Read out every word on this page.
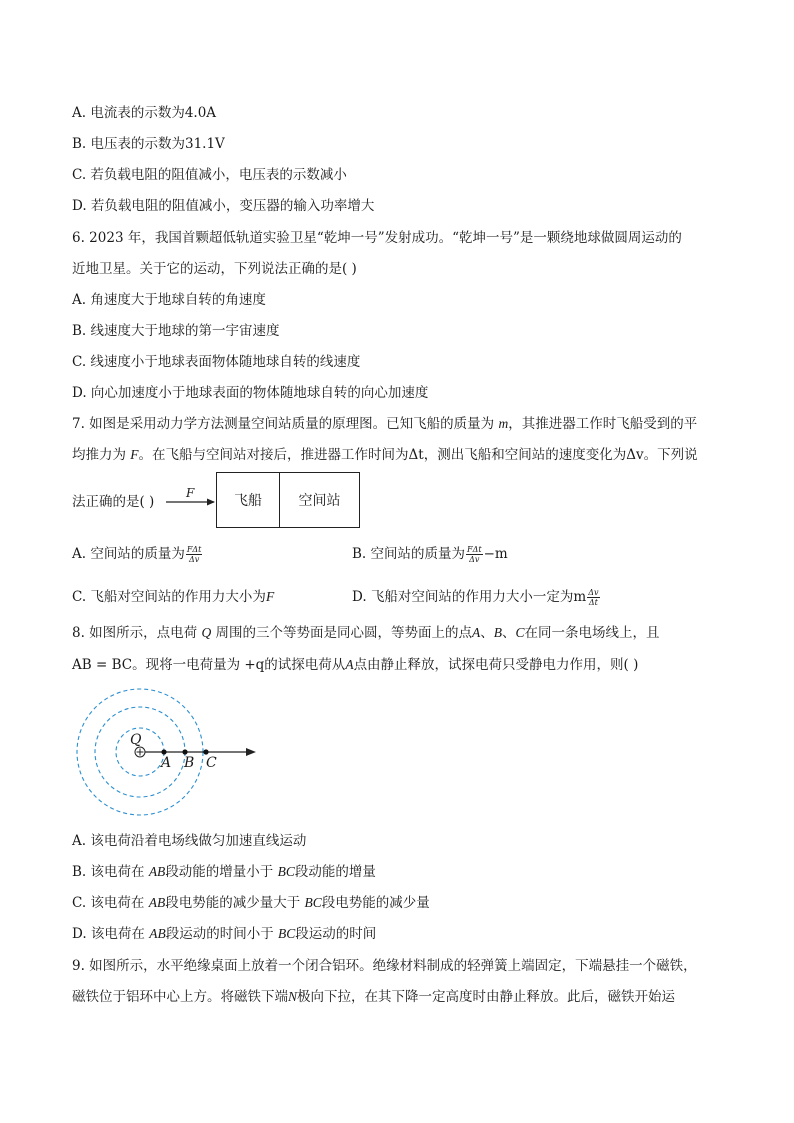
A. 电流表的示数为4.0A
B. 电压表的示数为31.1V
C. 若负载电阻的阻值减小，电压表的示数减小
D. 若负载电阻的阻值减小，变压器的输入功率增大
6. 2023 年，我国首颗超低轨道实验卫星“乾坤一号”发射成功。“乾坤一号”是一颗绕地球做圆周运动的
近地卫星。关于它的运动，下列说法正确的是( )
A. 角速度大于地球自转的角速度
B. 线速度大于地球的第一宇宙速度
C. 线速度小于地球表面物体随地球自转的线速度
D. 向心加速度小于地球表面的物体随地球自转的向心加速度
7. 如图是采用动力学方法测量空间站质量的原理图。已知飞船的质量为 m，其推进器工作时飞船受到的平
均推力为 F。在飞船与空间站对接后，推进器工作时间为Δt，测出飞船和空间站的速度变化为Δv。下列说
法正确的是( )
F	飞船	空间站
A. 空间站的质量为 $\frac{\text{FΔt}}{\Delta v}$	B. 空间站的质量为 $\frac{\text{FΔt}}{\Delta v} -m$
C. 飞船对空间站的作用力大小为F	D. 飞船对空间站的作用力大小一定为m $\frac{\Delta v}{\Delta t}$
8. 如图所示，点电荷 Q 周围的三个等势面是同心圆，等势面上的点A、B、C在同一条电场线上，且
AB = BC。现将一电荷量为 +q的试探电荷从A点由静止释放，试探电荷只受静电力作用，则( )
Q
A B C
A. 该电荷沿着电场线做匀加速直线运动
B. 该电荷在 AB段动能的增量小于 BC段动能的增量
C. 该电荷在 AB段电势能的减少量大于 BC段电势能的减少量
D. 该电荷在 AB段运动的时间小于 BC段运动的时间
9. 如图所示，水平绝缘桌面上放着一个闭合铝环。绝缘材料制成的轻弹簧上端固定，下端悬挂一个磁铁，
磁铁位于铝环中心上方。将磁铁下端N极向下拉，在其下降一定高度时由静止释放。此后，磁铁开始运
